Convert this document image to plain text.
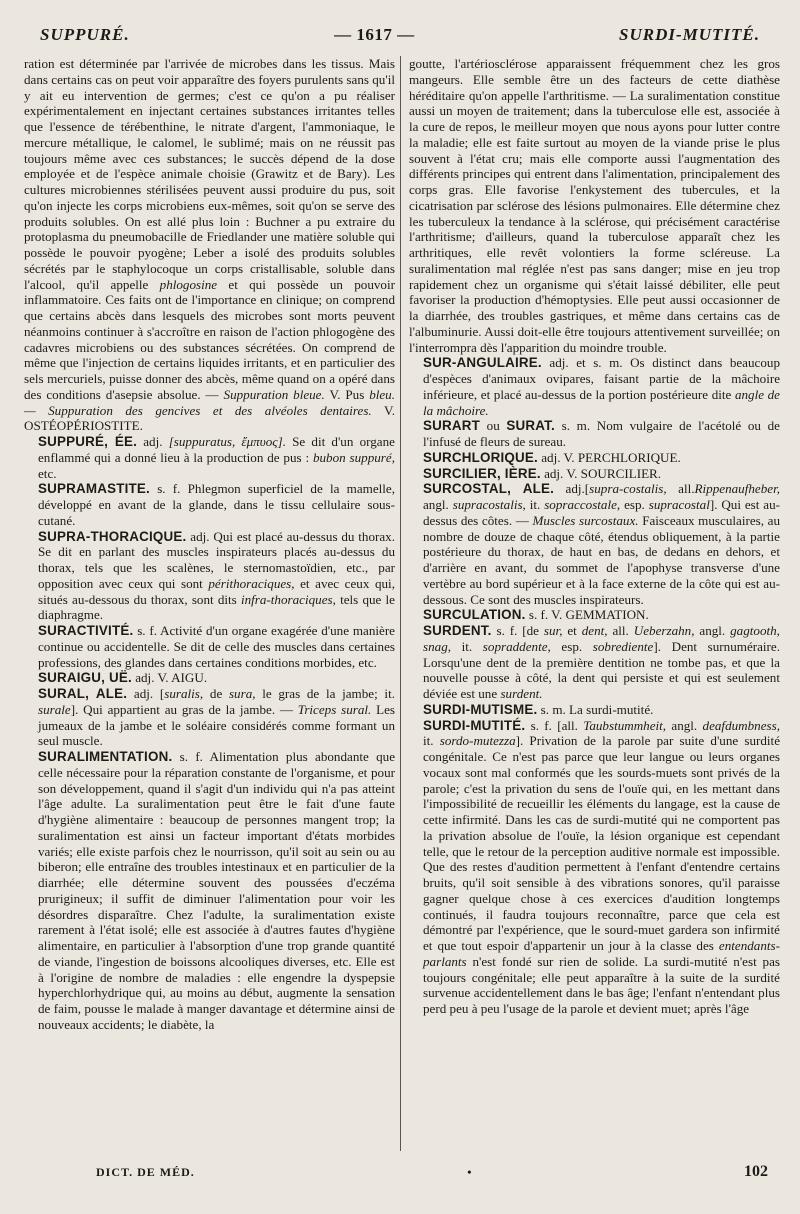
SUPPURÉ.	— 1617 —	SURDI-MUTITÉ.

ration est déterminée par l'arrivée de microbes dans les tissus. Mais dans certains cas on peut voir apparaître des foyers purulents sans qu'il y ait eu intervention de germes; c'est ce qu'on a pu réaliser expérimentalement en injectant certaines substances irritantes telles que l'essence de térébenthine, le nitrate d'argent, l'ammoniaque, le mercure métallique, le calomel, le sublimé; mais on ne réussit pas toujours même avec ces substances; le succès dépend de la dose employée et de l'espèce animale choisie (Grawitz et de Bary). Les cultures microbiennes stérilisées peuvent aussi produire du pus, soit qu'on injecte les corps microbiens eux-mêmes, soit qu'on se serve des produits solubles. On est allé plus loin : Buchner a pu extraire du protoplasma du pneumobacille de Friedlander une matière soluble qui possède le pouvoir pyogène; Leber a isolé des produits solubles sécrétés par le staphylocoque un corps cristallisable, soluble dans l'alcool, qu'il appelle phlogosine et qui possède un pouvoir inflammatoire. Ces faits ont de l'importance en clinique; on comprend que certains abcès dans lesquels des microbes sont morts peuvent néanmoins continuer à s'accroître en raison de l'action phlogogène des cadavres microbiens ou des substances sécrétées. On comprend de même que l'injection de certains liquides irritants, et en particulier des sels mercuriels, puisse donner des abcès, même quand on a opéré dans des conditions d'asepsie absolue. — Suppuration bleue. V. Pus bleu. — Suppuration des gencives et des alvéoles dentaires. V. OSTÉOPÉRIOSTITE.

SUPPURÉ, ÉE. adj. [suppuratus, ἔμπυος]. Se dit d'un organe enflammé qui a donné lieu à la production de pus : bubon suppuré, etc.

SUPRAMASTITE. s. f. Phlegmon superficiel de la mamelle, développé en avant de la glande, dans le tissu cellulaire sous-cutané.

SUPRA-THORACIQUE. adj. Qui est placé au-dessus du thorax. Se dit en parlant des muscles inspirateurs placés au-dessus du thorax, tels que les scalènes, le sternomastoïdien, etc., par opposition avec ceux qui sont périthoraciques, et avec ceux qui, situés au-dessous du thorax, sont dits infra-thoraciques, tels que le diaphragme.

SURACTIVITÉ. s. f. Activité d'un organe exagérée d'une manière continue ou accidentelle. Se dit de celle des muscles dans certaines professions, des glandes dans certaines conditions morbides, etc.

SURAIGU, UË. adj. V. AIGU.

SURAL, ALE. adj. [suralis, de sura, le gras de la jambe; it. surale]. Qui appartient au gras de la jambe. — Triceps sural. Les jumeaux de la jambe et le soléaire considérés comme formant un seul muscle.

SURALIMENTATION. s. f. Alimentation plus abondante que celle nécessaire pour la réparation constante de l'organisme, et pour son développement, quand il s'agit d'un individu qui n'a pas atteint l'âge adulte. La suralimentation peut être le fait d'une faute d'hygiène alimentaire : beaucoup de personnes mangent trop; la suralimentation est ainsi un facteur important d'états morbides variés; elle existe parfois chez le nourrisson, qu'il soit au sein ou au biberon; elle entraîne des troubles intestinaux et en particulier de la diarrhée; elle détermine souvent des poussées d'eczéma prurigineux; il suffit de diminuer l'alimentation pour voir les désordres disparaître. Chez l'adulte, la suralimentation existe rarement à l'état isolé; elle est associée à d'autres fautes d'hygiène alimentaire, en particulier à l'absorption d'une trop grande quantité de viande, l'ingestion de boissons alcooliques diverses, etc. Elle est à l'origine de nombre de maladies : elle engendre la dyspepsie hyperchlorhydrique qui, au moins au début, augmente la sensation de faim, pousse le malade à manger davantage et détermine ainsi de nouveaux accidents; le diabète, la

goutte, l'artériosclérose apparaissent fréquemment chez les gros mangeurs. Elle semble être un des facteurs de cette diathèse héréditaire qu'on appelle l'arthritisme. — La suralimentation constitue aussi un moyen de traitement; dans la tuberculose elle est, associée à la cure de repos, le meilleur moyen que nous ayons pour lutter contre la maladie; elle est faite surtout au moyen de la viande prise le plus souvent à l'état cru; mais elle comporte aussi l'augmentation des différents principes qui entrent dans l'alimentation, principalement des corps gras. Elle favorise l'enkystement des tubercules, et la cicatrisation par sclérose des lésions pulmonaires. Elle détermine chez les tuberculeux la tendance à la sclérose, qui précisément caractérise l'arthritisme; d'ailleurs, quand la tuberculose apparaît chez les arthritiques, elle revêt volontiers la forme scléreuse. La suralimentation mal réglée n'est pas sans danger; mise en jeu trop rapidement chez un organisme qui s'était laissé débiliter, elle peut favoriser la production d'hémoptysies. Elle peut aussi occasionner de la diarrhée, des troubles gastriques, et même dans certains cas de l'albuminurie. Aussi doit-elle être toujours attentivement surveillée; on l'interrompra dès l'apparition du moindre trouble.

SUR-ANGULAIRE. adj. et s. m. Os distinct dans beaucoup d'espèces d'animaux ovipares, faisant partie de la mâchoire inférieure, et placé au-dessus de la portion postérieure dite angle de la mâchoire.

SURART ou SURAT. s. m. Nom vulgaire de l'acétolé ou de l'infusé de fleurs de sureau.

SURCHLORIQUE. adj. V. PERCHLORIQUE.

SURCILIER, IÈRE. adj. V. SOURCILIER.

SURCOSTAL, ALE. adj.[supra-costalis, all.Rippenaufheber, angl. supracostalis, it. sopraccostale, esp. supracostal]. Qui est au-dessus des côtes. — Muscles surcostaux. Faisceaux musculaires, au nombre de douze de chaque côté, étendus obliquement, à la partie postérieure du thorax, de haut en bas, de dedans en dehors, et d'arrière en avant, du sommet de l'apophyse transverse d'une vertèbre au bord supérieur et à la face externe de la côte qui est au-dessous. Ce sont des muscles inspirateurs.

SURCULATION. s. f. V. GEMMATION.

SURDENT. s. f. [de sur, et dent, all. Ueberzahn, angl. gagtooth, snag, it. sopraddente, esp. sobrediente]. Dent surnuméraire. Lorsqu'une dent de la première dentition ne tombe pas, et que la nouvelle pousse à côté, la dent qui persiste et qui est seulement déviée est une surdent.

SURDI-MUTISME. s. m. La surdi-mutité.

SURDI-MUTITÉ. s. f. [all. Taubstummheit, angl. deafdumbness, it. sordo-mutezza]. Privation de la parole par suite d'une surdité congénitale. Ce n'est pas parce que leur langue ou leurs organes vocaux sont mal conformés que les sourds-muets sont privés de la parole; c'est la privation du sens de l'ouïe qui, en les mettant dans l'impossibilité de recueillir les éléments du langage, est la cause de cette infirmité. Dans les cas de surdi-mutité qui ne comportent pas la privation absolue de l'ouïe, la lésion organique est cependant telle, que le retour de la perception auditive normale est impossible. Que des restes d'audition permettent à l'enfant d'entendre certains bruits, qu'il soit sensible à des vibrations sonores, qu'il paraisse gagner quelque chose à ces exercices d'audition longtemps continués, il faudra toujours reconnaître, parce que cela est démontré par l'expérience, que le sourd-muet gardera son infirmité et que tout espoir d'appartenir un jour à la classe des entendants-parlants n'est fondé sur rien de solide. La surdi-mutité n'est pas toujours congénitale; elle peut apparaître à la suite de la surdité survenue accidentellement dans le bas âge; l'enfant n'entendant plus perd peu à peu l'usage de la parole et devient muet; après l'âge

DICT. DE MÉD.	•	102
